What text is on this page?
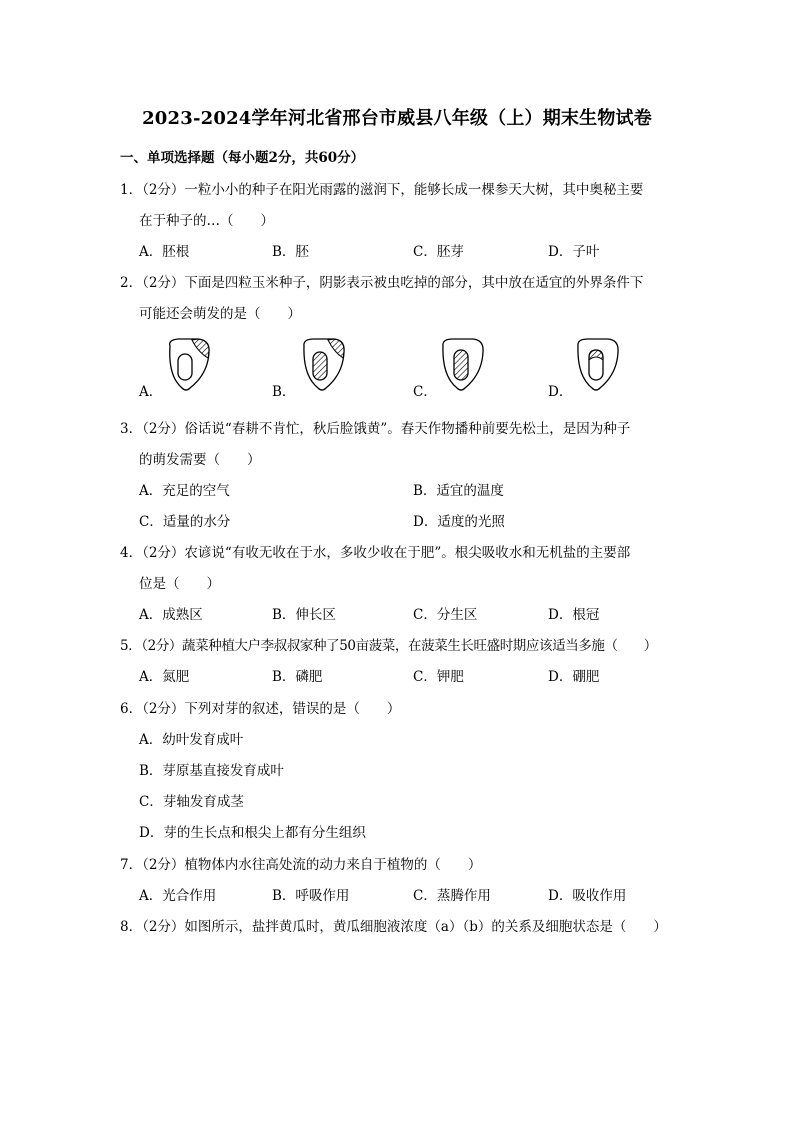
2023-2024学年河北省邢台市威县八年级（上）期末生物试卷
一、单项选择题（每小题2分，共60分）
1．（2分）一粒小小的种子在阳光雨露的滋润下，能够长成一棵参天大树，其中奥秘主要
在于种子的…（　　）
A．胚根	B．胚	C．胚芽	D．子叶
2．（2分）下面是四粒玉米种子，阴影表示被虫吃掉的部分，其中放在适宜的外界条件下
可能还会萌发的是（　　）
A．	B．	C．	D．
3．（2分）俗话说“春耕不肯忙，秋后脸饿黄”。春天作物播种前要先松土，是因为种子
的萌发需要（　　）
A．充足的空气	B．适宜的温度
C．适量的水分	D．适度的光照
4．（2分）农谚说“有收无收在于水，多收少收在于肥”。根尖吸收水和无机盐的主要部
位是（　　）
A．成熟区	B．伸长区	C．分生区	D．根冠
5．（2分）蔬菜种植大户李叔叔家种了50亩菠菜，在菠菜生长旺盛时期应该适当多施（　　）
A．氮肥	B．磷肥	C．钾肥	D．硼肥
6．（2分）下列对芽的叙述，错误的是（　　）
A．幼叶发育成叶
B．芽原基直接发育成叶
C．芽轴发育成茎
D．芽的生长点和根尖上都有分生组织
7．（2分）植物体内水往高处流的动力来自于植物的（　　）
A．光合作用	B．呼吸作用	C．蒸腾作用	D．吸收作用
8．（2分）如图所示，盐拌黄瓜时，黄瓜细胞液浓度（a）（b）的关系及细胞状态是（　　）
